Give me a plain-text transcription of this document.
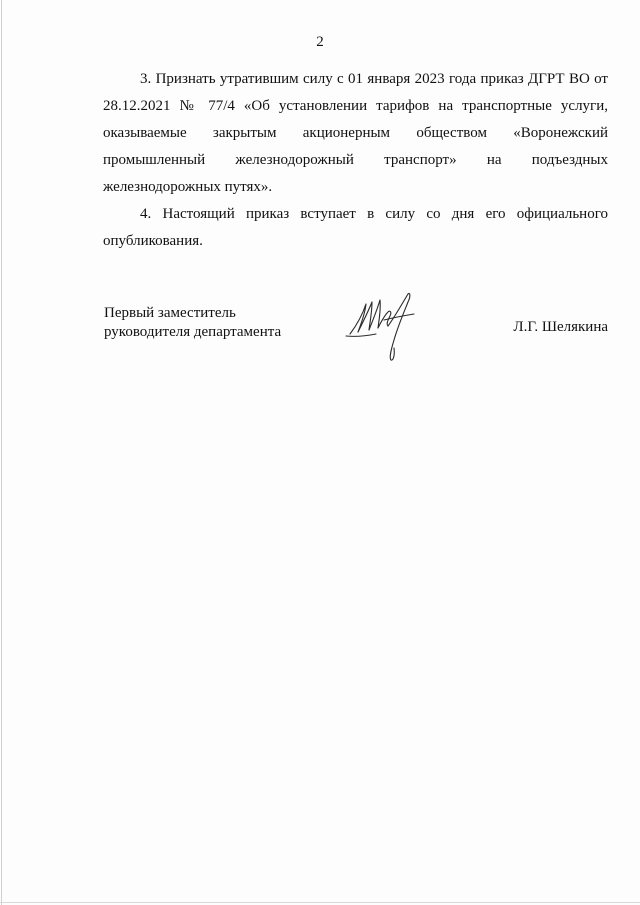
2
3. Признать утратившим силу с 01 января 2023 года приказ ДГРТ ВО от
28.12.2021 № 77/4 «Об установлении тарифов на транспортные услуги,
оказываемые закрытым акционерным обществом «Воронежский
промышленный железнодорожный транспорт» на подъездных
железнодорожных путях».
4. Настоящий приказ вступает в силу со дня его официального
опубликования.
Первый заместитель
руководителя департамента	Л.Г. Шелякина
